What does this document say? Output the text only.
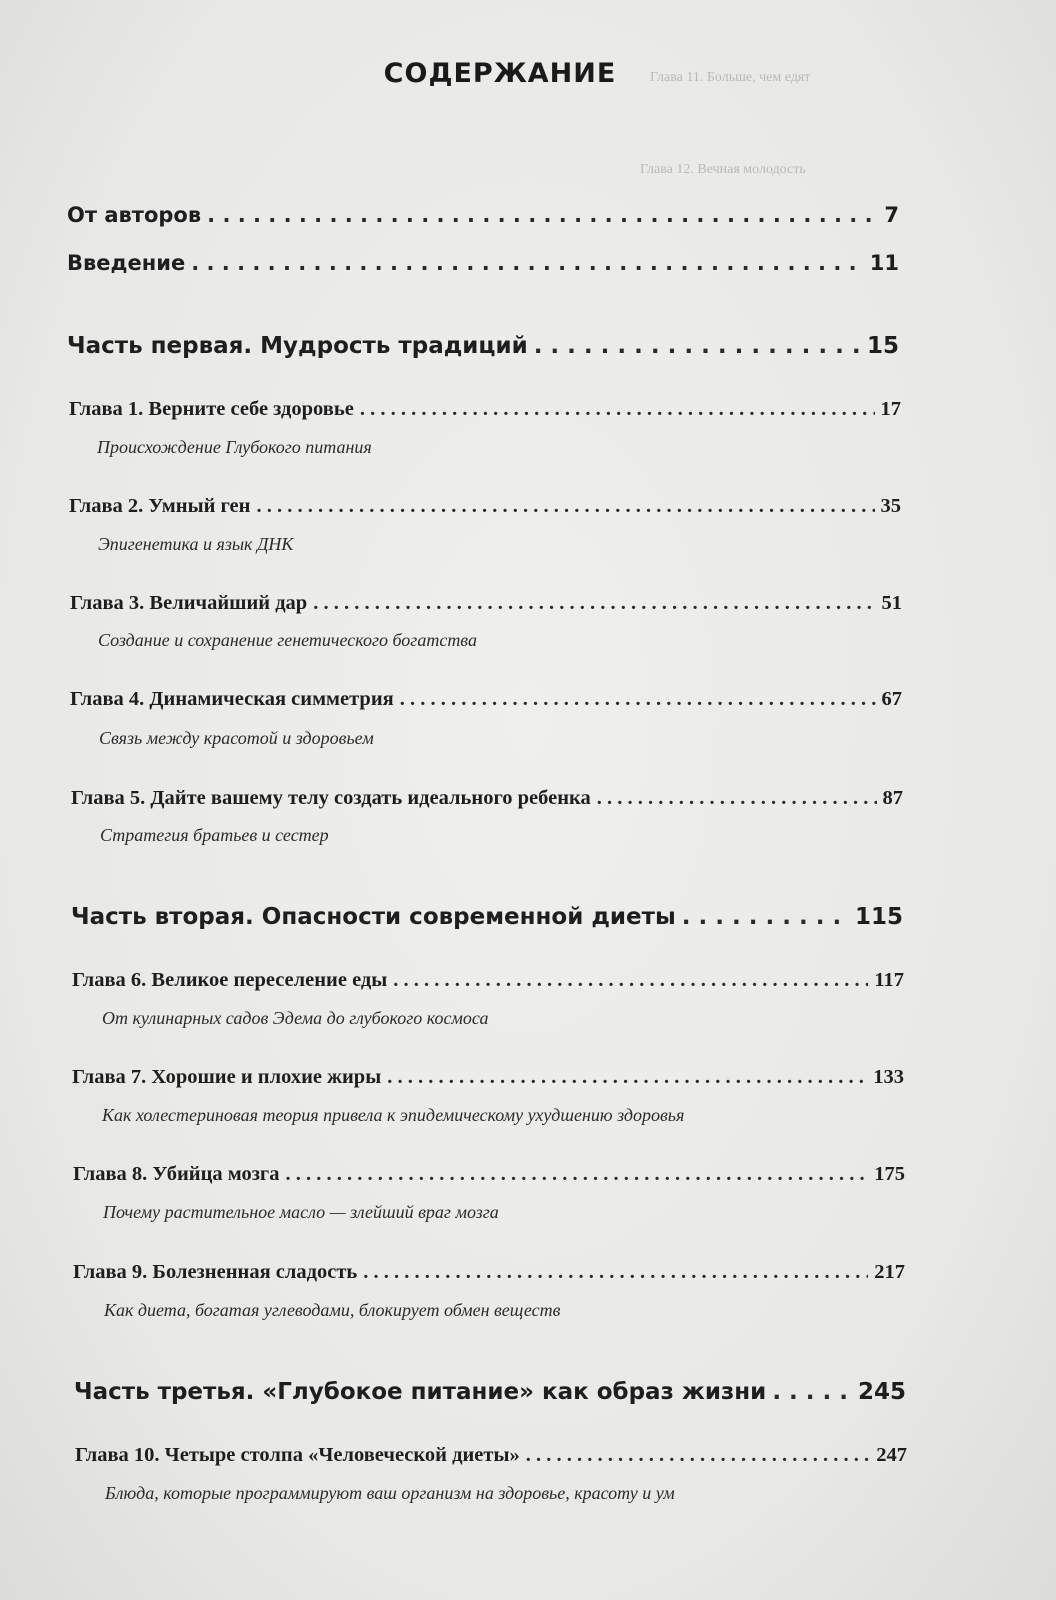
Глава 11. Больше, чем едят
Глава 12. Вечная молодость
СОДЕРЖАНИЕ
От авторов . . .	7
Введение . . .	11
Часть первая. Мудрость традиций . . .	15
Глава 1. Верните себе здоровье . . .	17
Происхождение Глубокого питания
Глава 2. Умный ген . . .	35
Эпигенетика и язык ДНК
Глава 3. Величайший дар . . .	51
Создание и сохранение генетического богатства
Глава 4. Динамическая симметрия . . .	67
Связь между красотой и здоровьем
Глава 5. Дайте вашему телу создать идеального ребенка . . .	87
Стратегия братьев и сестер
Часть вторая. Опасности современной диеты . . .	115
Глава 6. Великое переселение еды . . .	117
От кулинарных садов Эдема до глубокого космоса
Глава 7. Хорошие и плохие жиры . . .	133
Как холестериновая теория привела к эпидемическому ухудшению здоровья
Глава 8. Убийца мозга . . .	175
Почему растительное масло — злейший враг мозга
Глава 9. Болезненная сладость . . .	217
Как диета, богатая углеводами, блокирует обмен веществ
Часть третья. «Глубокое питание» как образ жизни . . .	245
Глава 10. Четыре столпа «Человеческой диеты» . . .	247
Блюда, которые программируют ваш организм на здоровье, красоту и ум
